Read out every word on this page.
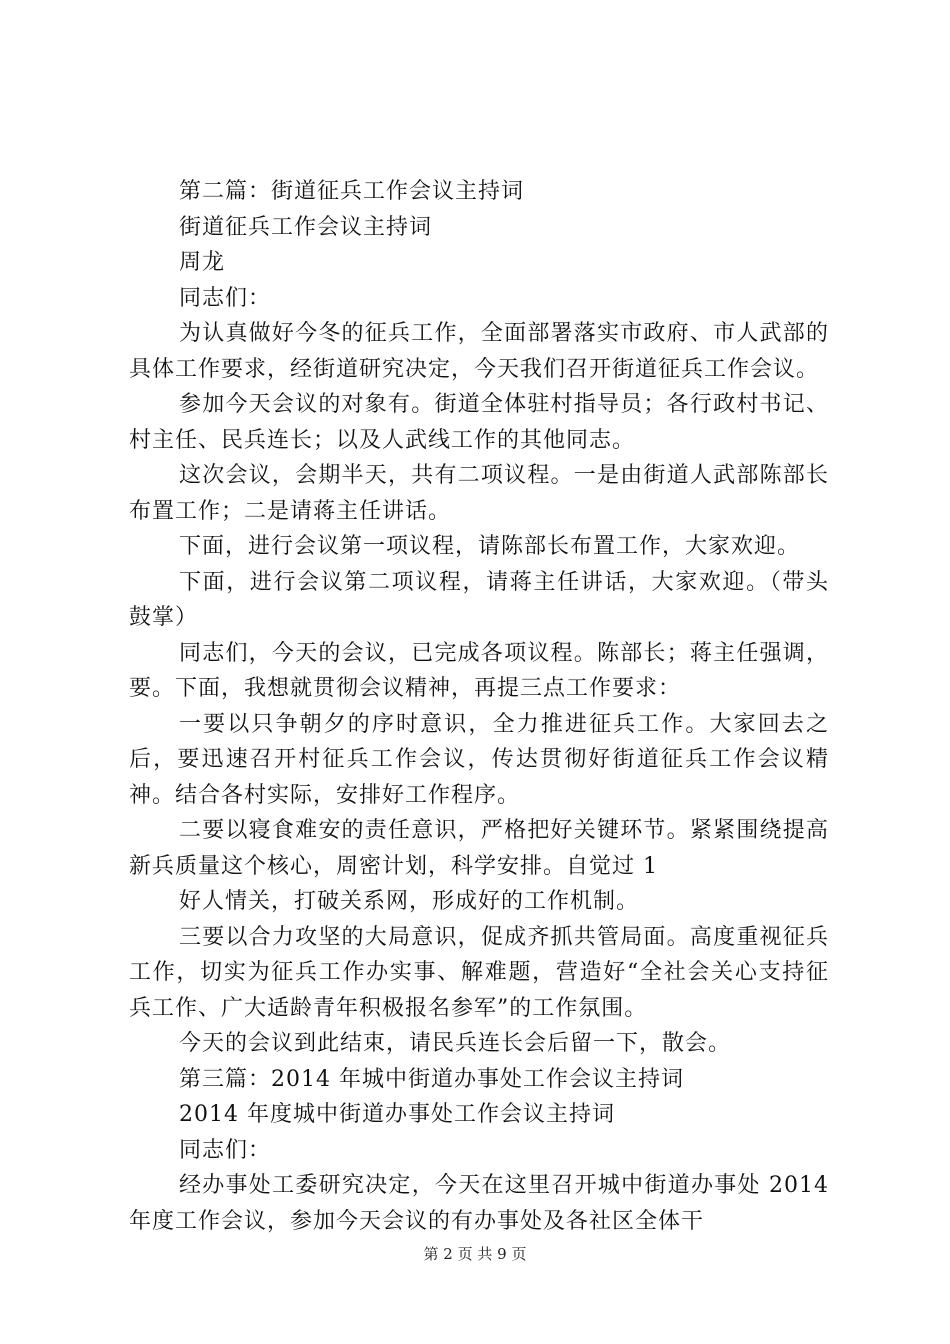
第二篇：街道征兵工作会议主持词

街道征兵工作会议主持词

周龙

同志们：

为认真做好今冬的征兵工作，全面部署落实市政府、市人武部的具体工作要求，经街道研究决定，今天我们召开街道征兵工作会议。

参加今天会议的对象有。街道全体驻村指导员；各行政村书记、村主任、民兵连长；以及人武线工作的其他同志。

这次会议，会期半天，共有二项议程。一是由街道人武部陈部长布置工作；二是请蒋主任讲话。

下面，进行会议第一项议程，请陈部长布置工作，大家欢迎。

下面，进行会议第二项议程，请蒋主任讲话，大家欢迎。（带头鼓掌）

同志们，今天的会议，已完成各项议程。陈部长；蒋主任强调，要。下面，我想就贯彻会议精神，再提三点工作要求：

一要以只争朝夕的序时意识，全力推进征兵工作。大家回去之后，要迅速召开村征兵工作会议，传达贯彻好街道征兵工作会议精神。结合各村实际，安排好工作程序。

二要以寝食难安的责任意识，严格把好关键环节。紧紧围绕提高新兵质量这个核心，周密计划，科学安排。自觉过 1

好人情关，打破关系网，形成好的工作机制。

三要以合力攻坚的大局意识，促成齐抓共管局面。高度重视征兵工作，切实为征兵工作办实事、解难题，营造好“全社会关心支持征兵工作、广大适龄青年积极报名参军”的工作氛围。

今天的会议到此结束，请民兵连长会后留一下，散会。

第三篇：2014 年城中街道办事处工作会议主持词

2014 年度城中街道办事处工作会议主持词

同志们：

经办事处工委研究决定，今天在这里召开城中街道办事处 2014 年度工作会议，参加今天会议的有办事处及各社区全体干

第 2 页 共 9 页
